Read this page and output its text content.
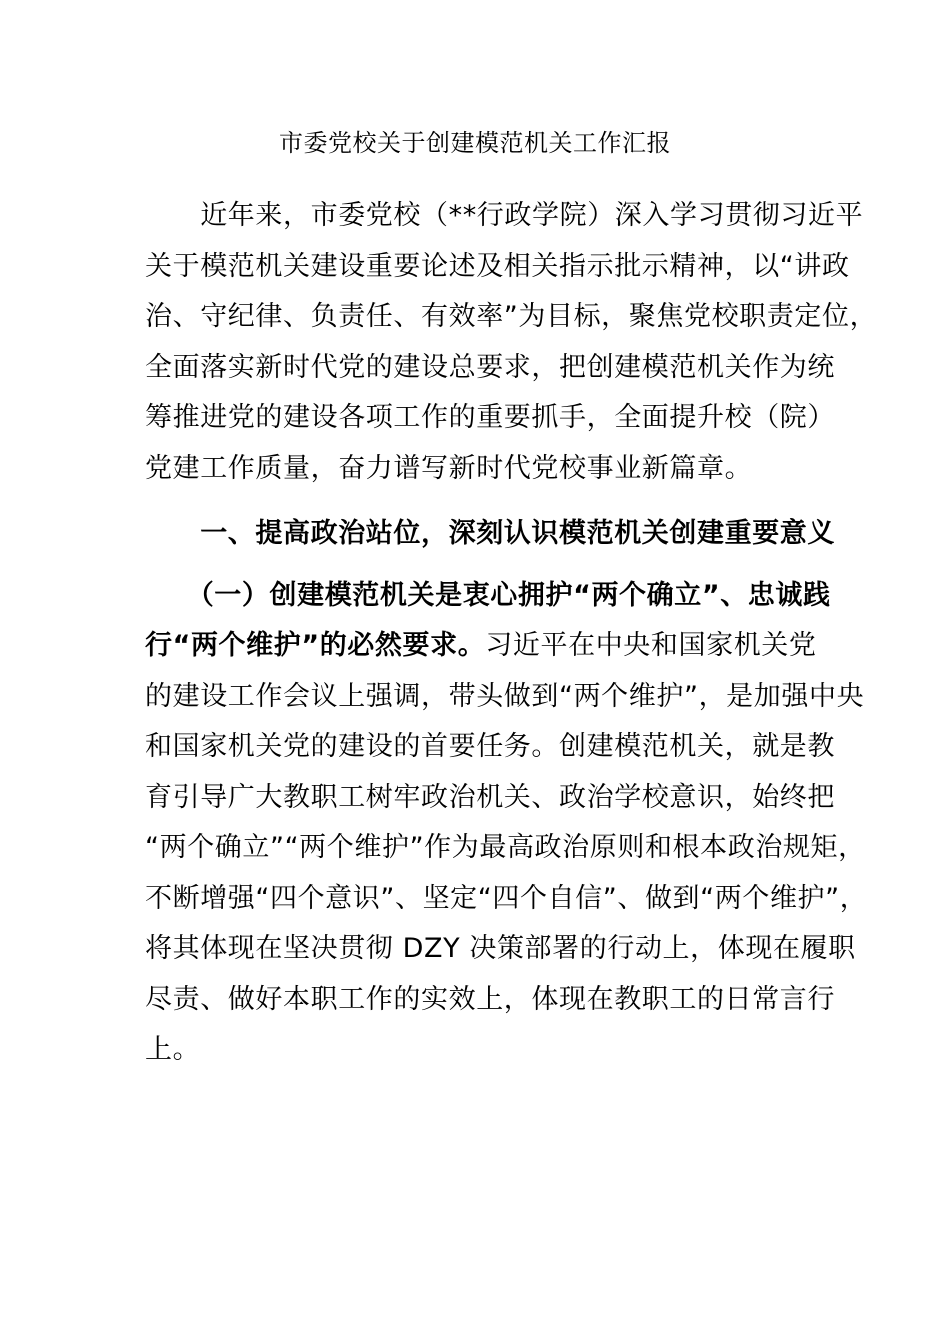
市委党校关于创建模范机关工作汇报
　　近年来，市委党校（**行政学院）深入学习贯彻习近平
关于模范机关建设重要论述及相关指示批示精神，以“讲政
治、守纪律、负责任、有效率”为目标，聚焦党校职责定位，
全面落实新时代党的建设总要求，把创建模范机关作为统
筹推进党的建设各项工作的重要抓手，全面提升校（院）
党建工作质量，奋力谱写新时代党校事业新篇章。
　　一、提高政治站位，深刻认识模范机关创建重要意义
　　（一）创建模范机关是衷心拥护“两个确立”、忠诚践
行“两个维护”的必然要求。习近平在中央和国家机关党
的建设工作会议上强调，带头做到“两个维护”，是加强中央
和国家机关党的建设的首要任务。创建模范机关，就是教
育引导广大教职工树牢政治机关、政治学校意识，始终把
“两个确立”“两个维护”作为最高政治原则和根本政治规矩，
不断增强“四个意识”、坚定“四个自信”、做到“两个维护”，
将其体现在坚决贯彻 DZY 决策部署的行动上，体现在履职
尽责、做好本职工作的实效上，体现在教职工的日常言行
上。
